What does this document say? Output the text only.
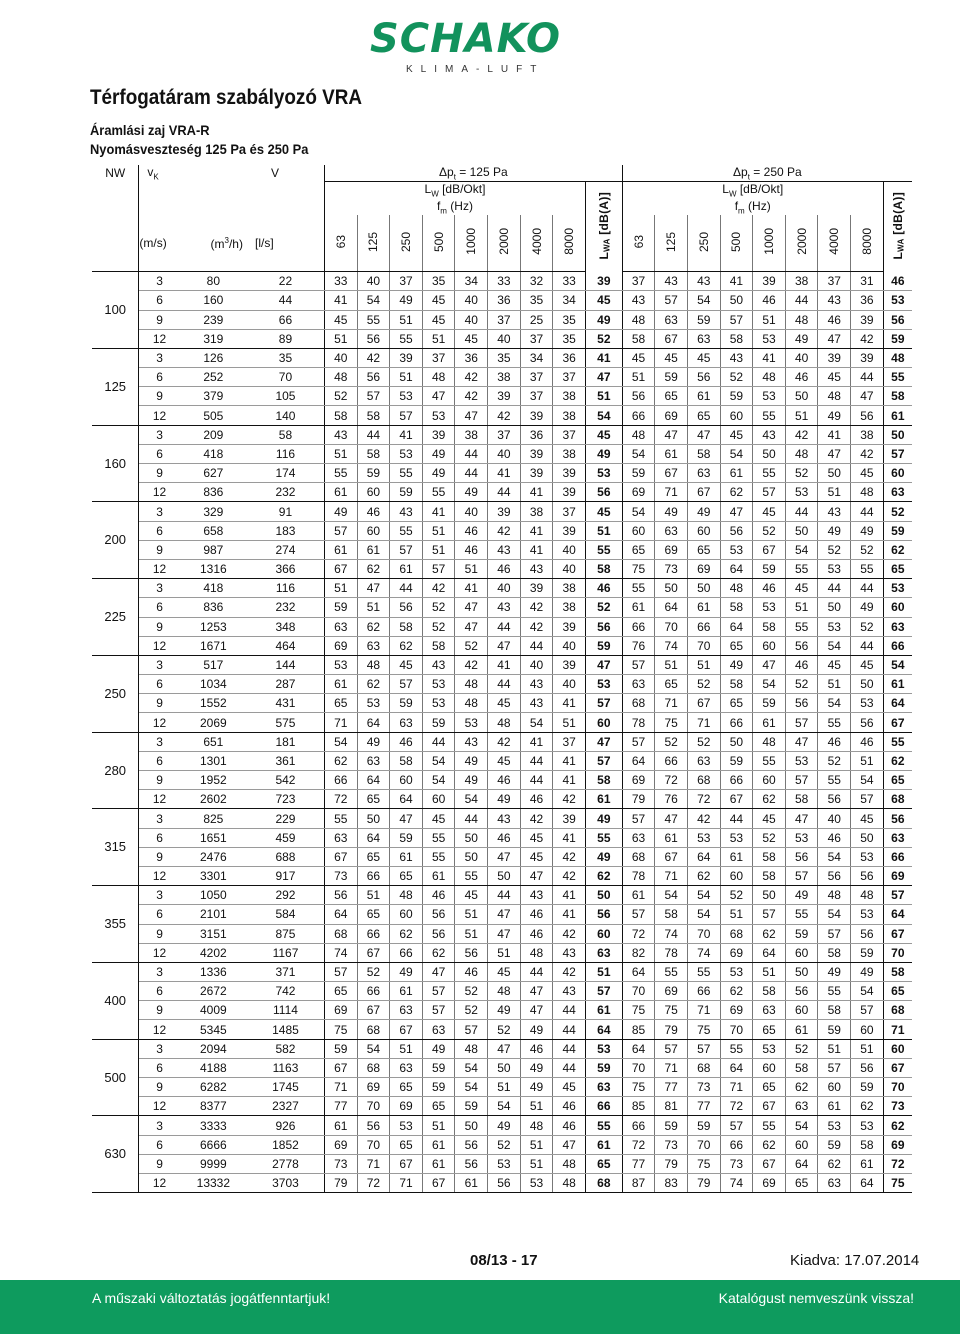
SCHAKO
KLIMA-LUFT
Térfogatáram szabályozó VRA
Áramlási zaj VRA-R
Nyomásveszteség 125 Pa és 250 Pa
NW	$v_K$		V	$\Delta p_t = 125$ Pa									$\Delta p_t = 250$ Pa								
				$L_W$ [dB/Okt]								$L_{WA}$ [dB(A)]	$L_W$ [dB/Okt]								$L_{WA}$ [dB(A)]
				$f_m$ (Hz)									$f_m$ (Hz)								
	(m/s)	$(m^3/h)$	[l/s]	63	125	250	500	1000	2000	4000	8000		63	125	250	500	1000	2000	4000	8000	
100	3	80	22	33	40	37	35	34	33	32	33	39	37	43	43	41	39	38	37	31	46
	6	160	44	41	54	49	45	40	36	35	34	45	43	57	54	50	46	44	43	36	53
	9	239	66	45	55	51	45	40	37	25	35	49	48	63	59	57	51	48	46	39	56
	12	319	89	51	56	55	51	45	40	37	35	52	58	67	63	58	53	49	47	42	59
125	3	126	35	40	42	39	37	36	35	34	36	41	45	45	45	43	41	40	39	39	48
	6	252	70	48	56	51	48	42	38	37	37	47	51	59	56	52	48	46	45	44	55
	9	379	105	52	57	53	47	42	39	37	38	51	56	65	61	59	53	50	48	47	58
	12	505	140	58	58	57	53	47	42	39	38	54	66	69	65	60	55	51	49	56	61
160	3	209	58	43	44	41	39	38	37	36	37	45	48	47	47	45	43	42	41	38	50
	6	418	116	51	58	53	49	44	40	39	38	49	54	61	58	54	50	48	47	42	57
	9	627	174	55	59	55	49	44	41	39	39	53	59	67	63	61	55	52	50	45	60
	12	836	232	61	60	59	55	49	44	41	39	56	69	71	67	62	57	53	51	48	63
200	3	329	91	49	46	43	41	40	39	38	37	45	54	49	49	47	45	44	43	44	52
	6	658	183	57	60	55	51	46	42	41	39	51	60	63	60	56	52	50	49	49	59
	9	987	274	61	61	57	51	46	43	41	40	55	65	69	65	53	67	54	52	52	62
	12	1316	366	67	62	61	57	51	46	43	40	58	75	73	69	64	59	55	53	55	65
225	3	418	116	51	47	44	42	41	40	39	38	46	55	50	50	48	46	45	44	44	53
	6	836	232	59	51	56	52	47	43	42	38	52	61	64	61	58	53	51	50	49	60
	9	1253	348	63	62	58	52	47	44	42	39	56	66	70	66	64	58	55	53	52	63
	12	1671	464	69	63	62	58	52	47	44	40	59	76	74	70	65	60	56	54	44	66
250	3	517	144	53	48	45	43	42	41	40	39	47	57	51	51	49	47	46	45	45	54
	6	1034	287	61	62	57	53	48	44	43	40	53	63	65	52	58	54	52	51	50	61
	9	1552	431	65	53	59	53	48	45	43	41	57	68	71	67	65	59	56	54	53	64
	12	2069	575	71	64	63	59	53	48	54	51	60	78	75	71	66	61	57	55	56	67
280	3	651	181	54	49	46	44	43	42	41	37	47	57	52	52	50	48	47	46	46	55
	6	1301	361	62	63	58	54	49	45	44	41	57	64	66	63	59	55	53	52	51	62
	9	1952	542	66	64	60	54	49	46	44	41	58	69	72	68	66	60	57	55	54	65
	12	2602	723	72	65	64	60	54	49	46	42	61	79	76	72	67	62	58	56	57	68
315	3	825	229	55	50	47	45	44	43	42	39	49	57	47	42	44	45	47	40	45	56
	6	1651	459	63	64	59	55	50	46	45	41	55	63	61	53	53	52	53	46	50	63
	9	2476	688	67	65	61	55	50	47	45	42	49	68	67	64	61	58	56	54	53	66
	12	3301	917	73	66	65	61	55	50	47	42	62	78	71	62	60	58	57	56	56	69
355	3	1050	292	56	51	48	46	45	44	43	41	50	61	54	54	52	50	49	48	48	57
	6	2101	584	64	65	60	56	51	47	46	41	56	57	58	54	51	57	55	54	53	64
	9	3151	875	68	66	62	56	51	47	46	42	60	72	74	70	68	62	59	57	56	67
	12	4202	1167	74	67	66	62	56	51	48	43	63	82	78	74	69	64	60	58	59	70
400	3	1336	371	57	52	49	47	46	45	44	42	51	64	55	55	53	51	50	49	49	58
	6	2672	742	65	66	61	57	52	48	47	43	57	70	69	66	62	58	56	55	54	65
	9	4009	1114	69	67	63	57	52	49	47	44	61	75	75	71	69	63	60	58	57	68
	12	5345	1485	75	68	67	63	57	52	49	44	64	85	79	75	70	65	61	59	60	71
500	3	2094	582	59	54	51	49	48	47	46	44	53	64	57	57	55	53	52	51	51	60
	6	4188	1163	67	68	63	59	54	50	49	44	59	70	71	68	64	60	58	57	56	67
	9	6282	1745	71	69	65	59	54	51	49	45	63	75	77	73	71	65	62	60	59	70
	12	8377	2327	77	70	69	65	59	54	51	46	66	85	81	77	72	67	63	61	62	73
630	3	3333	926	61	56	53	51	50	49	48	46	55	66	59	59	57	55	54	53	53	62
	6	6666	1852	69	70	65	61	56	52	51	47	61	72	73	70	66	62	60	59	58	69
	9	9999	2778	73	71	67	61	56	53	51	48	65	77	79	75	73	67	64	62	61	72
	12	13332	3703	79	72	71	67	61	56	53	48	68	87	83	79	74	69	65	63	64	75
08/13 - 17	Kiadva: 17.07.2014
A műszaki változtatás jogátfenntartjuk!	Katalógust nemveszünk vissza!
